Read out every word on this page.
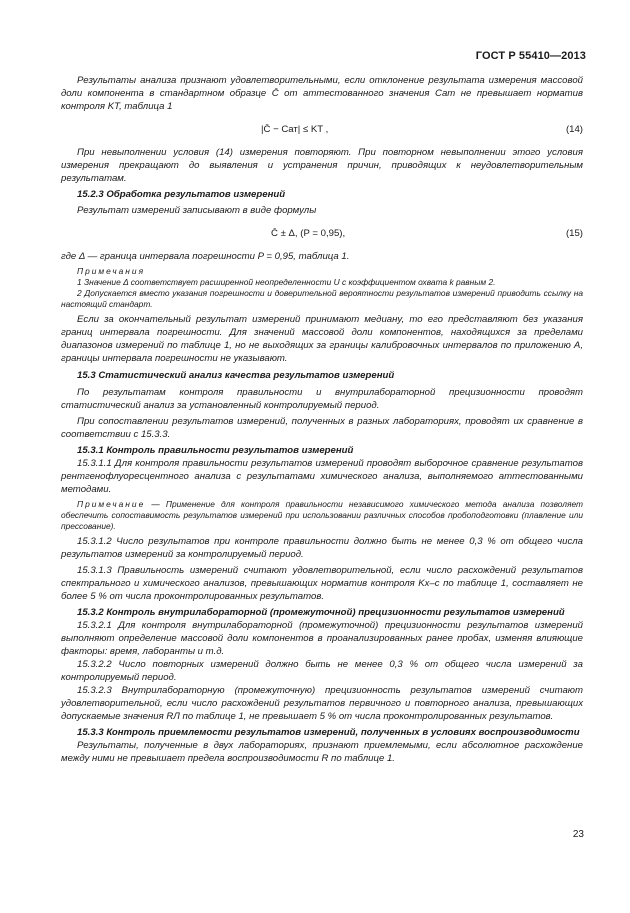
ГОСТ Р 55410—2013

Результаты анализа признают удовлетворительными, если отклонение результата измерения массовой доли компонента в стандартном образце C̄ от аттестованного значения Cат не превышает норматив контроля KT, таблица 1

|C̄ − Cат| ≤ KT ,	(14)

При невыполнении условия (14) измерения повторяют. При повторном невыполнении этого условия измерения прекращают до выявления и устранения причин, приводящих к неудовлетворительным результатам.

15.2.3 Обработка результатов измерений

Результат измерений записывают в виде формулы

C̄ ± Δ, (P = 0,95),	(15)

где Δ — граница интервала погрешности P = 0,95, таблица 1.

Примечания

1 Значение Δ соответствует расширенной неопределенности U с коэффициентом охвата k равным 2.

2 Допускается вместо указания погрешности и доверительной вероятности результатов измерений приводить ссылку на настоящий стандарт.

Если за окончательный результат измерений принимают медиану, то его представляют без указания границ интервала погрешности. Для значений массовой доли компонентов, находящихся за пределами диапазонов измерений по таблице 1, но не выходящих за границы калибровочных интервалов по приложению А, границы интервала погрешности не указывают.

15.3 Статистический анализ качества результатов измерений

По результатам контроля правильности и внутрилабораторной прецизионности проводят статистический анализ за установленный контролируемый период.

При сопоставлении результатов измерений, полученных в разных лабораториях, проводят их сравнение в соответствии с 15.3.3.

15.3.1 Контроль правильности результатов измерений

15.3.1.1 Для контроля правильности результатов измерений проводят выборочное сравнение результатов рентгенофлуоресцентного анализа с результатами химического анализа, выполняемого аттестованными методами.

Примечание — Применение для контроля правильности независимого химического метода анализа позволяет обеспечить сопоставимость результатов измерений при использовании различных способов пробоподготовки (плавление или прессование).

15.3.1.2 Число результатов при контроле правильности должно быть не менее 0,3 % от общего числа результатов измерений за контролируемый период.

15.3.1.3 Правильность измерений считают удовлетворительной, если число расхождений результатов спектрального и химического анализов, превышающих норматив контроля Kх–с по таблице 1, составляет не более 5 % от числа проконтролированных результатов.

15.3.2 Контроль внутрилабораторной (промежуточной) прецизионности результатов измерений

15.3.2.1 Для контроля внутрилабораторной (промежуточной) прецизионности результатов измерений выполняют определение массовой доли компонентов в проанализированных ранее пробах, изменяя влияющие факторы: время, лаборанты и т.д.

15.3.2.2 Число повторных измерений должно быть не менее 0,3 % от общего числа измерений за контролируемый период.

15.3.2.3 Внутрилабораторную (промежуточную) прецизионность результатов измерений считают удовлетворительной, если число расхождений результатов первичного и повторного анализа, превышающих допускаемые значения RЛ по таблице 1, не превышает 5 % от числа проконтролированных результатов.

15.3.3 Контроль приемлемости результатов измерений, полученных в условиях воспроизводимости

Результаты, полученные в двух лабораториях, признают приемлемыми, если абсолютное расхождение между ними не превышает предела воспроизводимости R по таблице 1.

23
